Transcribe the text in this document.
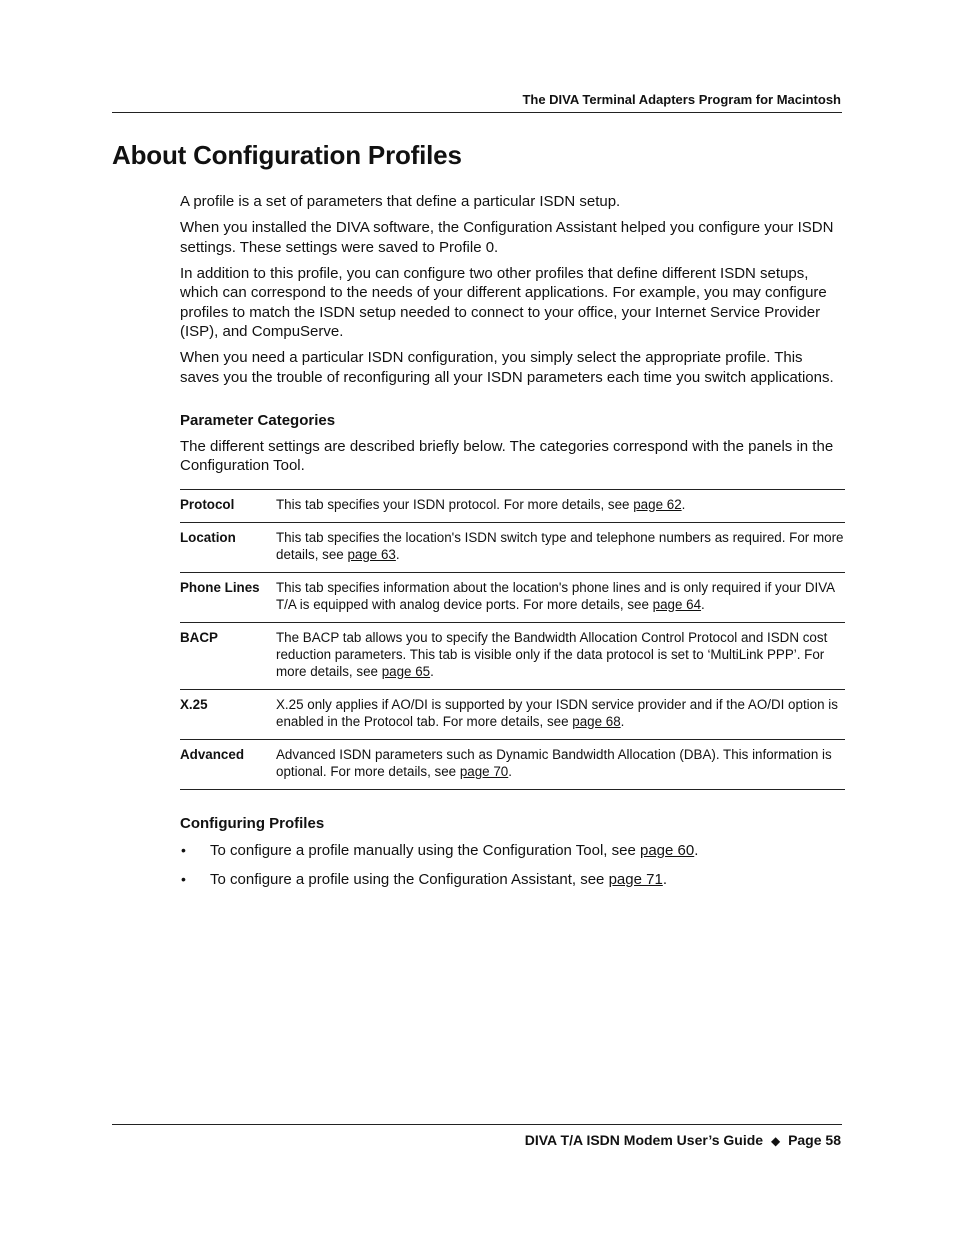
The DIVA Terminal Adapters Program for Macintosh
About Configuration Profiles

A profile is a set of parameters that define a particular ISDN setup.

When you installed the DIVA software, the Configuration Assistant helped you configure your ISDN settings. These settings were saved to Profile 0.

In addition to this profile, you can configure two other profiles that define different ISDN setups, which can correspond to the needs of your different applications. For example, you may configure profiles to match the ISDN setup needed to connect to your office, your Internet Service Provider (ISP), and CompuServe.

When you need a particular ISDN configuration, you simply select the appropriate profile. This saves you the trouble of reconfiguring all your ISDN parameters each time you switch applications.

Parameter Categories

The different settings are described briefly below. The categories correspond with the panels in the Configuration Tool.

Protocol	This tab specifies your ISDN protocol. For more details, see page 62.
Location	This tab specifies the location's ISDN switch type and telephone numbers as required. For more details, see page 63.
Phone Lines	This tab specifies information about the location's phone lines and is only required if your DIVA T/A is equipped with analog device ports. For more details, see page 64.
BACP	The BACP tab allows you to specify the Bandwidth Allocation Control Protocol and ISDN cost reduction parameters. This tab is visible only if the data protocol is set to ‘MultiLink PPP’. For more details, see page 65.
X.25	X.25 only applies if AO/DI is supported by your ISDN service provider and if the AO/DI option is enabled in the Protocol tab. For more details, see page 68.
Advanced	Advanced ISDN parameters such as Dynamic Bandwidth Allocation (DBA). This information is optional. For more details, see page 70.

Configuring Profiles

• To configure a profile manually using the Configuration Tool, see page 60.
• To configure a profile using the Configuration Assistant, see page 71.
DIVA T/A ISDN Modem User’s Guide ◆ Page 58
